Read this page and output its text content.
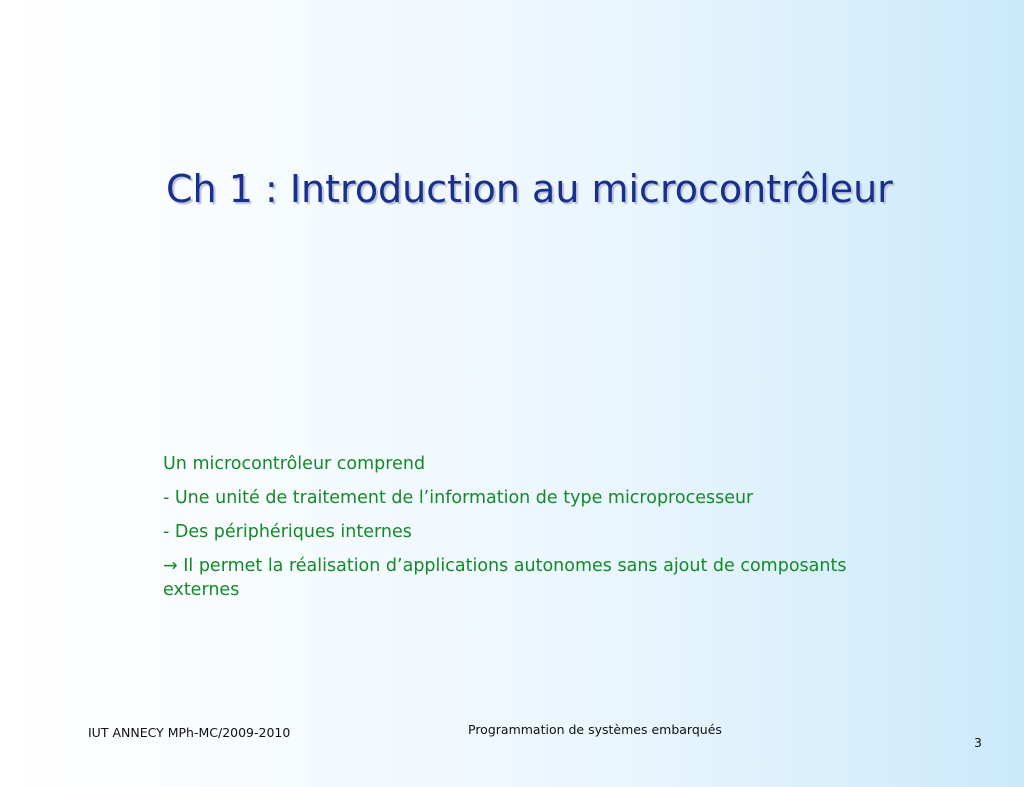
Ch 1 : Introduction au microcontrôleur

Un microcontrôleur comprend

- Une unité de traitement de l’information de type microprocesseur

- Des périphériques internes

→ Il permet la réalisation d’applications autonomes sans ajout de composants externes

IUT ANNECY MPh-MC/2009-2010	Programmation de systèmes embarqués
3
